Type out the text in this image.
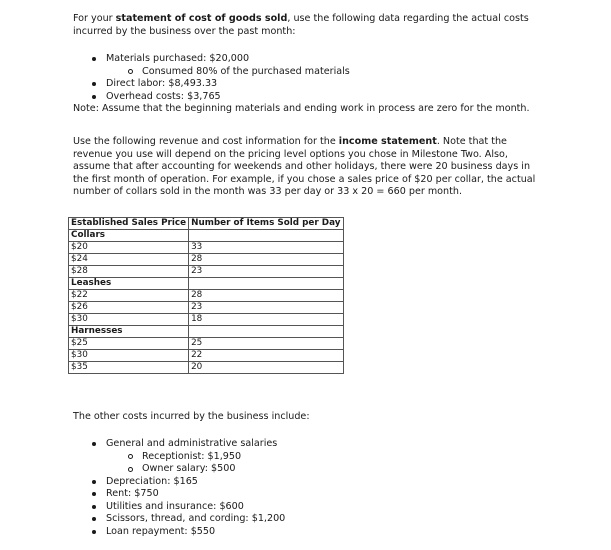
For your statement of cost of goods sold, use the following data regarding the actual costs incurred by the business over the past month:

Materials purchased: $20,000
Consumed 80% of the purchased materials
Direct labor: $8,493.33
Overhead costs: $3,765

Note: Assume that the beginning materials and ending work in process are zero for the month.

Use the following revenue and cost information for the income statement. Note that the revenue you use will depend on the pricing level options you chose in Milestone Two. Also, assume that after accounting for weekends and other holidays, there were 20 business days in the first month of operation. For example, if you chose a sales price of $20 per collar, the actual number of collars sold in the month was 33 per day or 33 x 20 = 660 per month.

Established Sales Price	Number of Items Sold per Day
Collars	
$20	33
$24	28
$28	23
Leashes	
$22	28
$26	23
$30	18
Harnesses	
$25	25
$30	22
$35	20

The other costs incurred by the business include:

General and administrative salaries
Receptionist: $1,950
Owner salary: $500
Depreciation: $165
Rent: $750
Utilities and insurance: $600
Scissors, thread, and cording: $1,200
Loan repayment: $550
